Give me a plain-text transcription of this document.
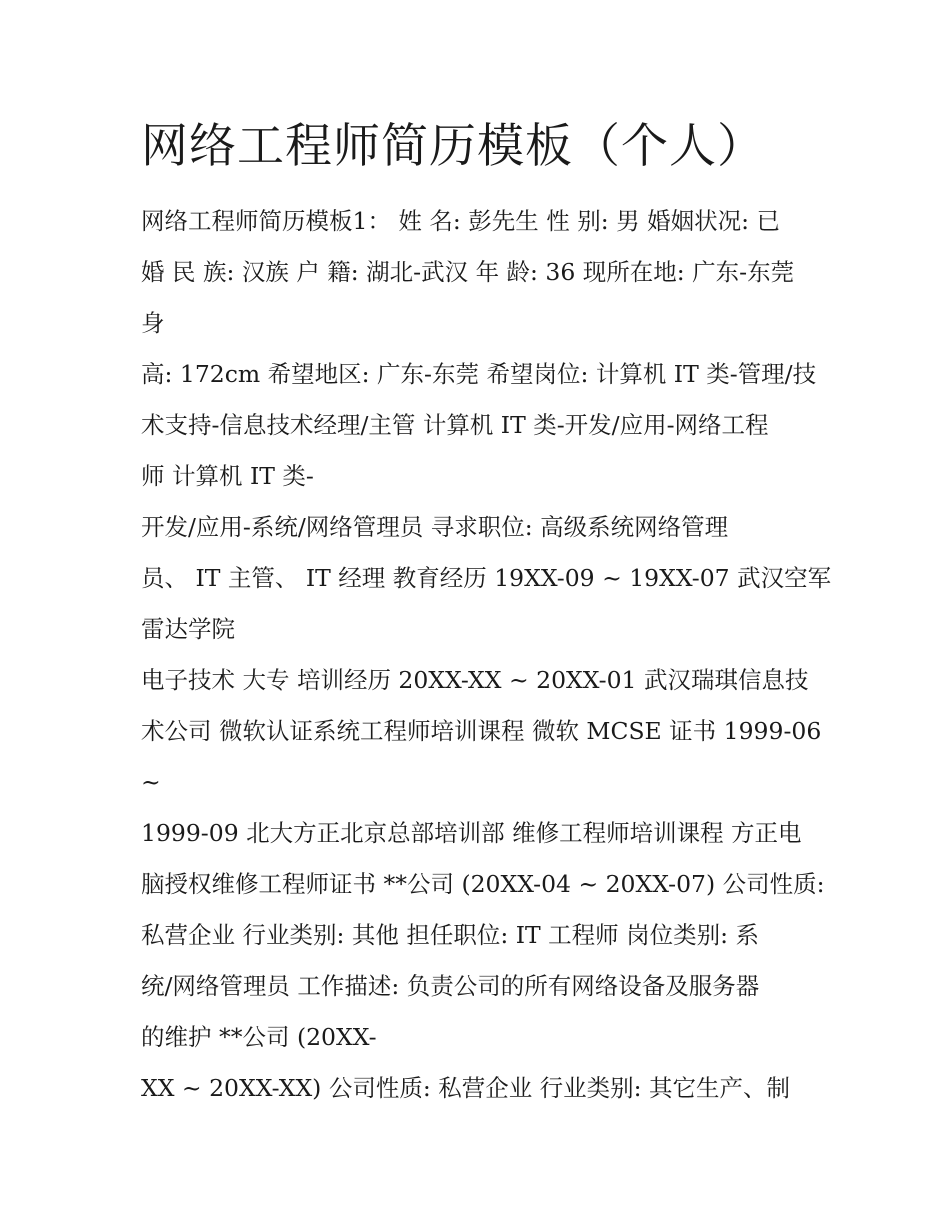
网络工程师简历模板（个人）
网络工程师简历模板1： 姓 名: 彭先生 性 别: 男 婚姻状况: 已
婚 民 族: 汉族 户 籍: 湖北-武汉 年 龄: 36 现所在地: 广东-东莞
身
高: 172cm 希望地区: 广东-东莞 希望岗位: 计算机 IT 类-管理/技
术支持-信息技术经理/主管 计算机 IT 类-开发/应用-网络工程
师 计算机 IT 类-
开发/应用-系统/网络管理员 寻求职位: 高级系统网络管理
员、 IT 主管、 IT 经理 教育经历 19XX-09 ~ 19XX-07 武汉空军
雷达学院
电子技术 大专 培训经历 20XX-XX ~ 20XX-01 武汉瑞琪信息技
术公司 微软认证系统工程师培训课程 微软 MCSE 证书 1999-06
~
1999-09 北大方正北京总部培训部 维修工程师培训课程 方正电
脑授权维修工程师证书 **公司 (20XX-04 ~ 20XX-07) 公司性质:
私营企业 行业类别: 其他 担任职位: IT 工程师 岗位类别: 系
统/网络管理员 工作描述: 负责公司的所有网络设备及服务器
的维护 **公司 (20XX-
XX ~ 20XX-XX) 公司性质: 私营企业 行业类别: 其它生产、制
